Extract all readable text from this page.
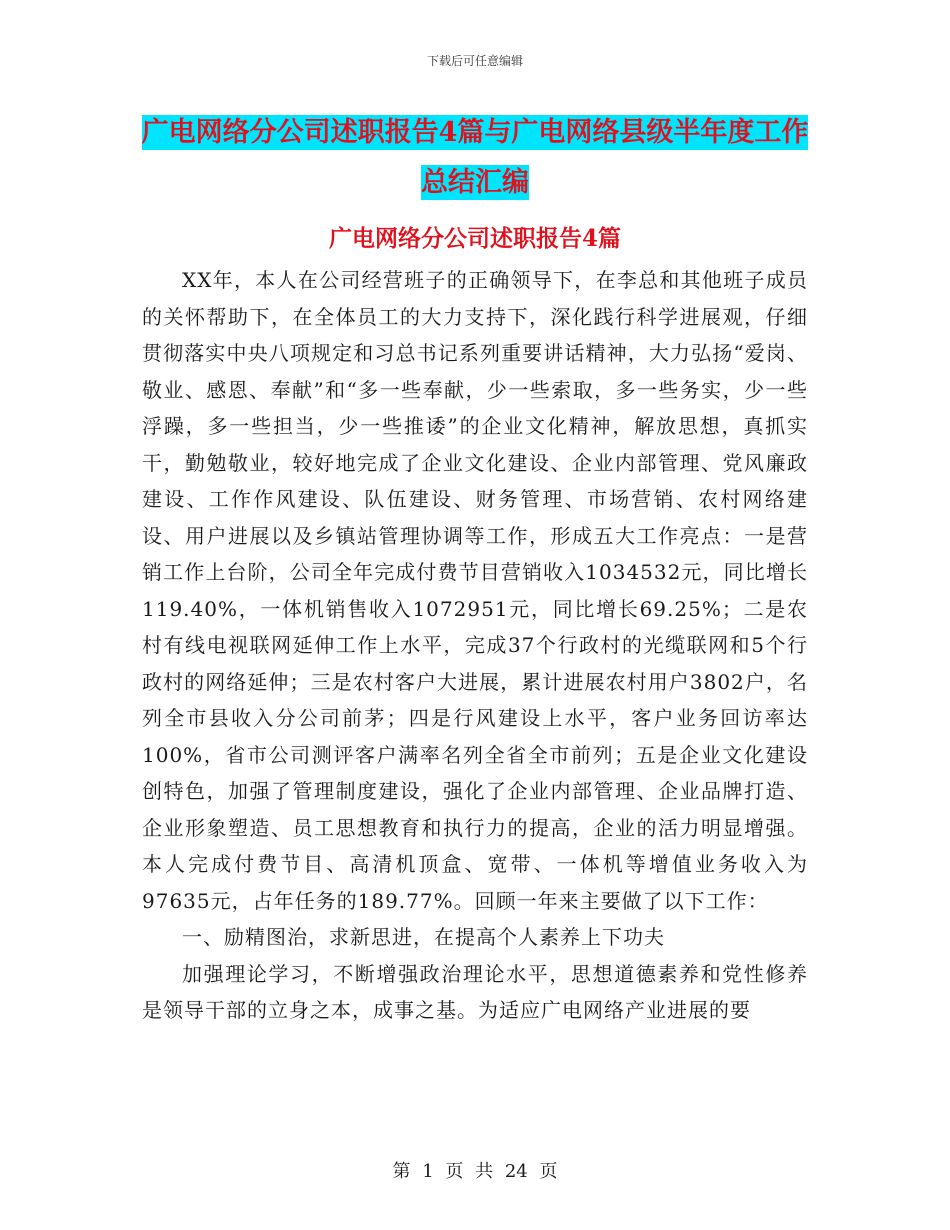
下载后可任意编辑
广电网络分公司述职报告4篇与广电网络县级半年度工作总结汇编
广电网络分公司述职报告4篇

XX年，本人在公司经营班子的正确领导下，在李总和其他班子成员的关怀帮助下，在全体员工的大力支持下，深化践行科学进展观，仔细贯彻落实中央八项规定和习总书记系列重要讲话精神，大力弘扬“爱岗、敬业、感恩、奉献”和“多一些奉献，少一些索取，多一些务实，少一些浮躁，多一些担当，少一些推诿”的企业文化精神，解放思想，真抓实干，勤勉敬业，较好地完成了企业文化建设、企业内部管理、党风廉政建设、工作作风建设、队伍建设、财务管理、市场营销、农村网络建设、用户进展以及乡镇站管理协调等工作，形成五大工作亮点：一是营销工作上台阶，公司全年完成付费节目营销收入1034532元，同比增长119.40%，一体机销售收入1072951元，同比增长69.25%；二是农村有线电视联网延伸工作上水平，完成37个行政村的光缆联网和5个行政村的网络延伸；三是农村客户大进展，累计进展农村用户3802户，名列全市县收入分公司前茅；四是行风建设上水平，客户业务回访率达100%，省市公司测评客户满率名列全省全市前列；五是企业文化建设创特色，加强了管理制度建设，强化了企业内部管理、企业品牌打造、企业形象塑造、员工思想教育和执行力的提高，企业的活力明显增强。本人完成付费节目、高清机顶盒、宽带、一体机等增值业务收入为97635元，占年任务的189.77%。回顾一年来主要做了以下工作：

一、励精图治，求新思进，在提高个人素养上下功夫

加强理论学习，不断增强政治理论水平，思想道德素养和党性修养是领导干部的立身之本，成事之基。为适应广电网络产业进展的要

第 1 页 共 24 页
